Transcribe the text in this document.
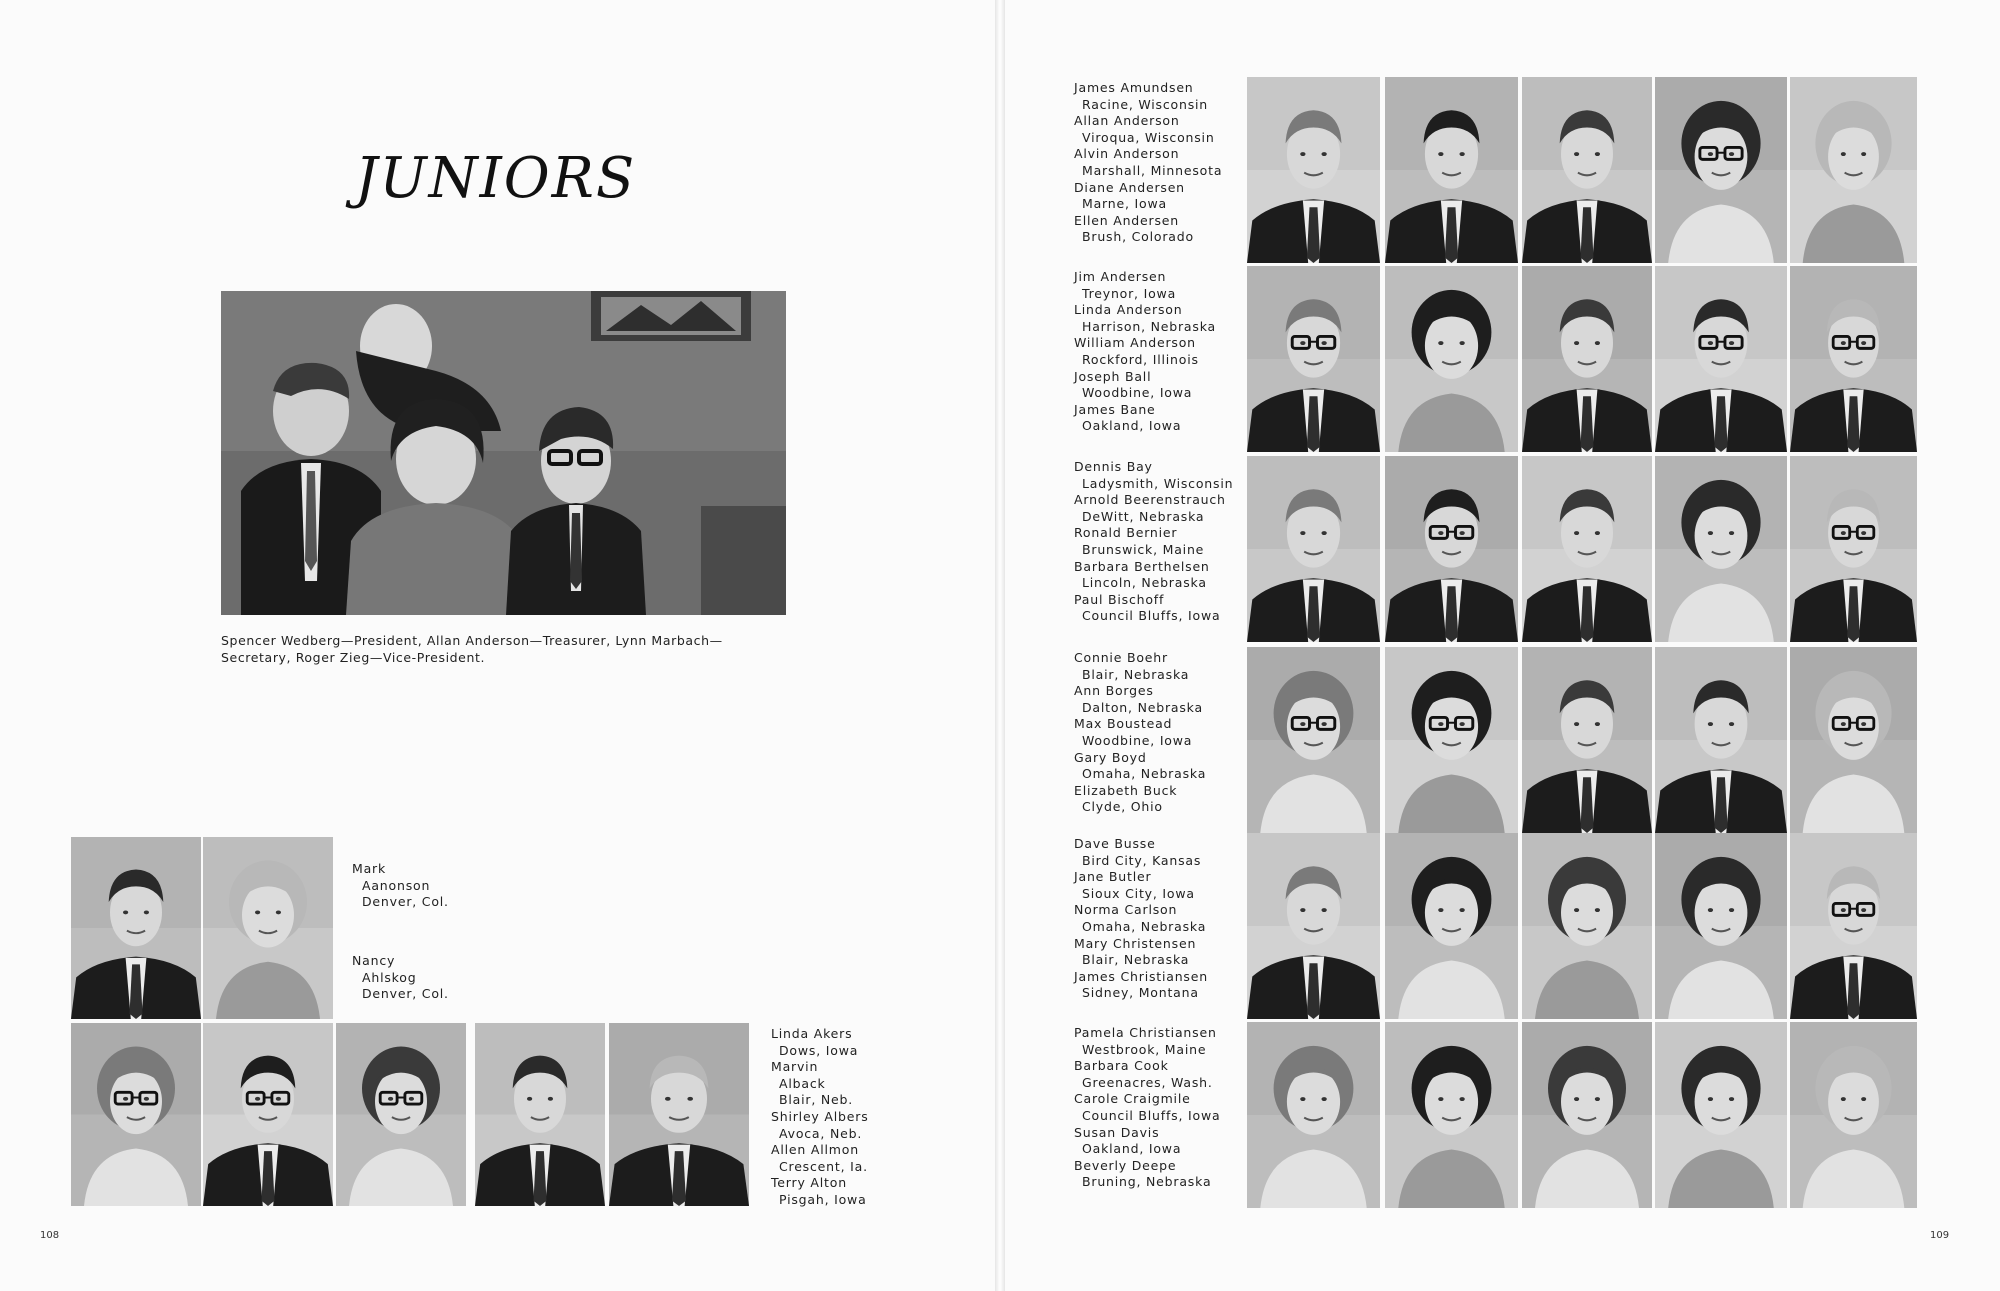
JUNIORS
Spencer Wedberg—President, Allan Anderson—Treasurer, Lynn Marbach—Secretary, Roger Zieg—Vice-President.
Mark
Aanonson
Denver, Col.
Nancy
Ahlskog
Denver, Col.
Linda Akers
Dows, Iowa
Marvin
Alback
Blair, Neb.
Shirley Albers
Avoca, Neb.
Allen Allmon
Crescent, Ia.
Terry Alton
Pisgah, Iowa
108
James Amundsen
Racine, Wisconsin
Allan Anderson
Viroqua, Wisconsin
Alvin Anderson
Marshall, Minnesota
Diane Andersen
Marne, Iowa
Ellen Andersen
Brush, Colorado
Jim Andersen
Treynor, Iowa
Linda Anderson
Harrison, Nebraska
William Anderson
Rockford, Illinois
Joseph Ball
Woodbine, Iowa
James Bane
Oakland, Iowa
Dennis Bay
Ladysmith, Wisconsin
Arnold Beerenstrauch
DeWitt, Nebraska
Ronald Bernier
Brunswick, Maine
Barbara Berthelsen
Lincoln, Nebraska
Paul Bischoff
Council Bluffs, Iowa
Connie Boehr
Blair, Nebraska
Ann Borges
Dalton, Nebraska
Max Boustead
Woodbine, Iowa
Gary Boyd
Omaha, Nebraska
Elizabeth Buck
Clyde, Ohio
Dave Busse
Bird City, Kansas
Jane Butler
Sioux City, Iowa
Norma Carlson
Omaha, Nebraska
Mary Christensen
Blair, Nebraska
James Christiansen
Sidney, Montana
Pamela Christiansen
Westbrook, Maine
Barbara Cook
Greenacres, Wash.
Carole Craigmile
Council Bluffs, Iowa
Susan Davis
Oakland, Iowa
Beverly Deepe
Bruning, Nebraska
109
